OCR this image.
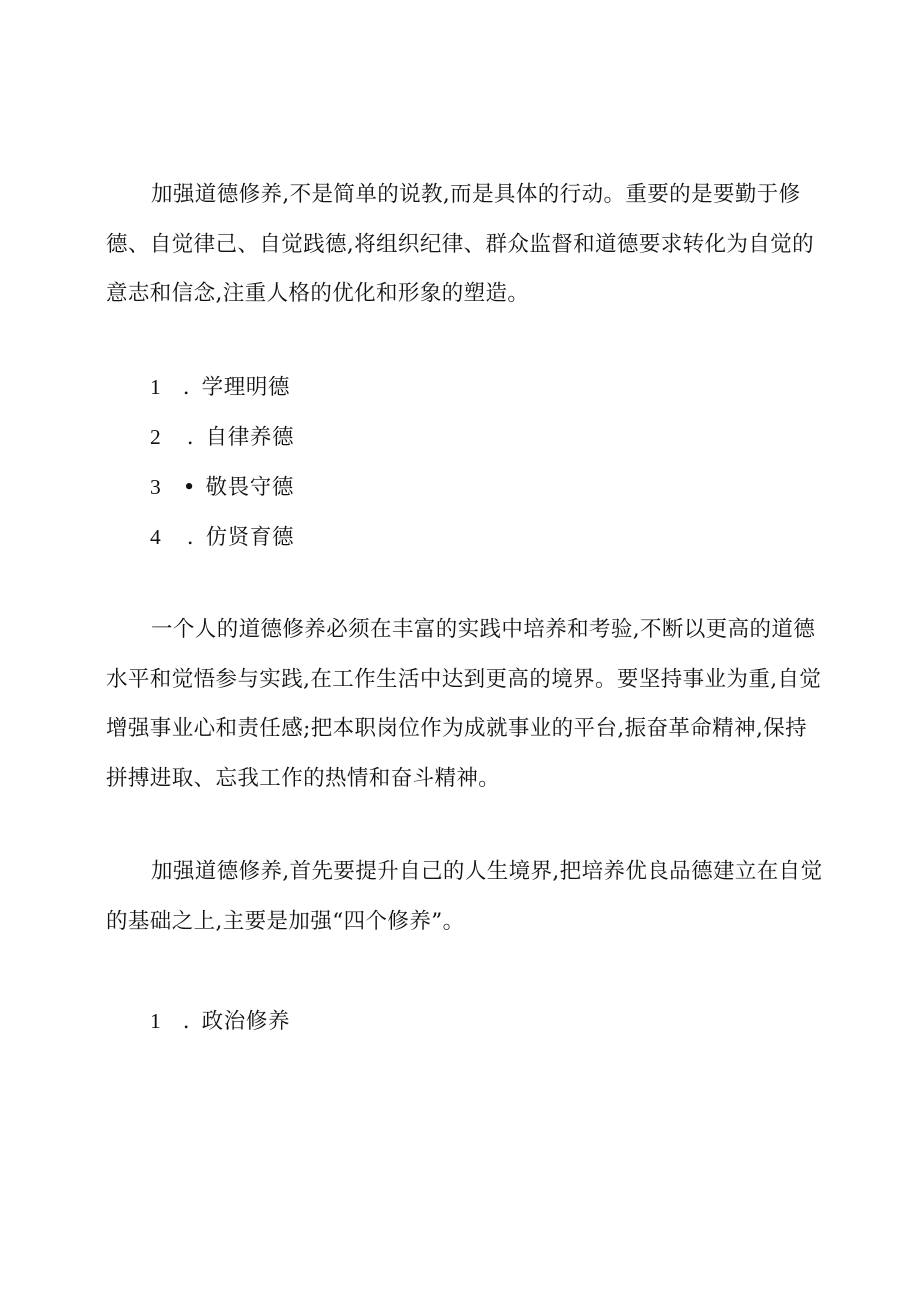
加强道德修养,不是简单的说教,而是具体的行动。重要的是要勤于修德、自觉律己、自觉践德,将组织纪律、群众监督和道德要求转化为自觉的意志和信念,注重人格的优化和形象的塑造。

1 . 学理明德
2 . 自律养德
3 • 敬畏守德
4 . 仿贤育德

一个人的道德修养必须在丰富的实践中培养和考验,不断以更高的道德水平和觉悟参与实践,在工作生活中达到更高的境界。要坚持事业为重,自觉增强事业心和责任感;把本职岗位作为成就事业的平台,振奋革命精神,保持拼搏进取、忘我工作的热情和奋斗精神。

加强道德修养,首先要提升自己的人生境界,把培养优良品德建立在自觉的基础之上,主要是加强“四个修养”。

1 . 政治修养
